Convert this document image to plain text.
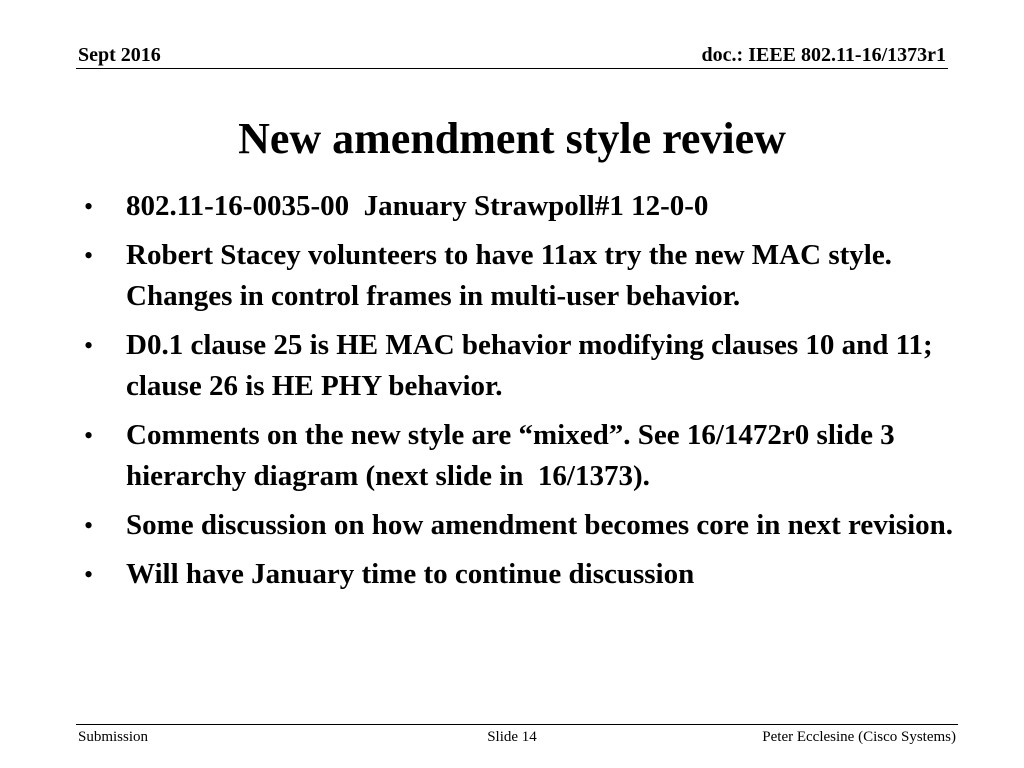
Sept 2016	doc.: IEEE 802.11-16/1373r1
New amendment style review
•	802.11-16-0035-00  January Strawpoll#1 12-0-0
•	Robert Stacey volunteers to have 11ax try the new MAC style. Changes in control frames in multi-user behavior.
•	D0.1 clause 25 is HE MAC behavior modifying clauses 10 and 11; clause 26 is HE PHY behavior.
•	Comments on the new style are “mixed”. See 16/1472r0 slide 3 hierarchy diagram (next slide in  16/1373).
•	Some discussion on how amendment becomes core in next revision.
•	Will have January time to continue discussion
Submission	Slide 14	Peter Ecclesine (Cisco Systems)
